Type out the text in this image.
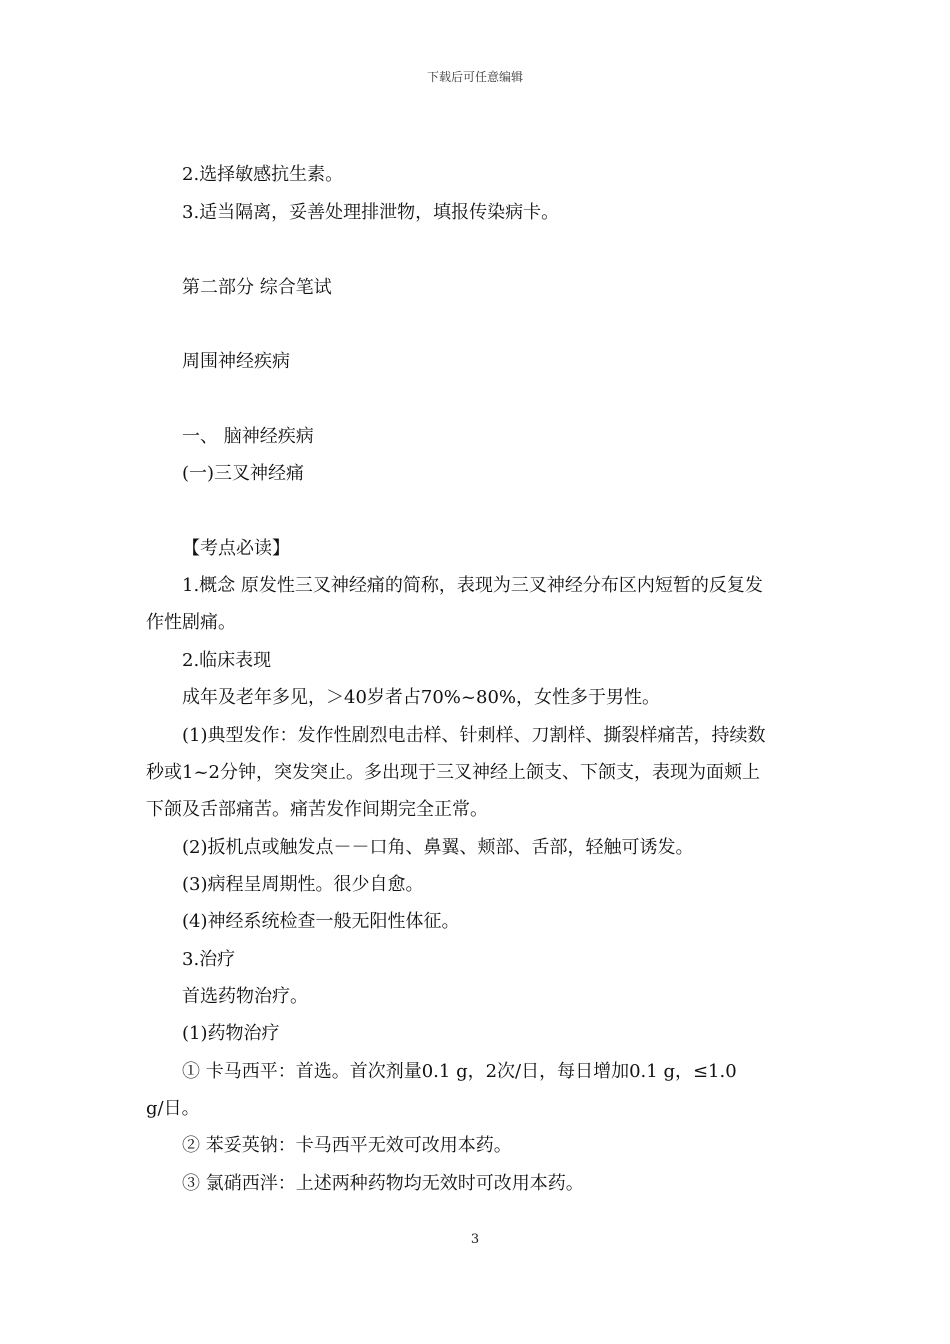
下载后可任意编辑
2.选择敏感抗生素。
3.适当隔离，妥善处理排泄物，填报传染病卡。
第二部分 综合笔试
周围神经疾病
一、 脑神经疾病
(一)三叉神经痛
【考点必读】
1.概念 原发性三叉神经痛的简称，表现为三叉神经分布区内短暂的反复发
作性剧痛。
2.临床表现
成年及老年多见，＞40岁者占70%~80%，女性多于男性。
(1)典型发作：发作性剧烈电击样、针刺样、刀割样、撕裂样痛苦，持续数
秒或1~2分钟，突发突止。多出现于三叉神经上颌支、下颌支，表现为面颊上
下颌及舌部痛苦。痛苦发作间期完全正常。
(2)扳机点或触发点－－口角、鼻翼、颊部、舌部，轻触可诱发。
(3)病程呈周期性。很少自愈。
(4)神经系统检查一般无阳性体征。
3.治疗
首选药物治疗。
(1)药物治疗
① 卡马西平：首选。首次剂量0.1 g，2次/日，每日增加0.1 g，≤1.0
g/日。
② 苯妥英钠：卡马西平无效可改用本药。
③ 氯硝西泮：上述两种药物均无效时可改用本药。
3
